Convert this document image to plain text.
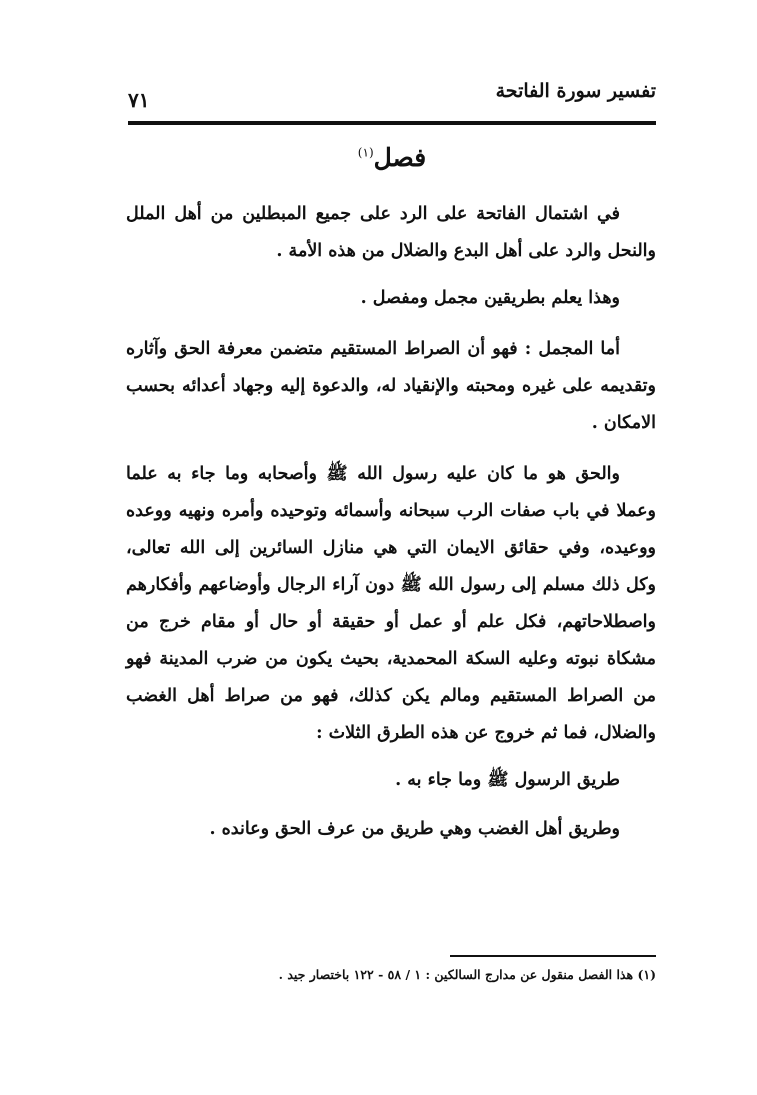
تفسير سورة الفاتحة
٧١
فصل$^{(١)}$

في اشتمال الفاتحة على الرد على جميع المبطلين من أهل الملل والنحل والرد على أهل البدع والضلال من هذه الأمة .

وهذا يعلم بطريقين مجمل ومفصل .

أما المجمل : فهو أن الصراط المستقيم متضمن معرفة الحق وآثاره وتقديمه على غيره ومحبته والإنقياد له، والدعوة إليه وجهاد أعدائه بحسب الامكان .

والحق هو ما كان عليه رسول الله ﷺ وأصحابه وما جاء به علما وعملا في باب صفات الرب سبحانه وأسمائه وتوحيده وأمره ونهيه ووعده ووعيده، وفي حقائق الايمان التي هي منازل السائرين إلى الله تعالى، وكل ذلك مسلم إلى رسول الله ﷺ دون آراء الرجال وأوضاعهم وأفكارهم واصطلاحاتهم، فكل علم أو عمل أو حقيقة أو حال أو مقام خرج من مشكاة نبوته وعليه السكة المحمدية، بحيث يكون من ضرب المدينة فهو من الصراط المستقيم ومالم يكن كذلك، فهو من صراط أهل الغضب والضلال، فما ثم خروج عن هذه الطرق الثلاث :

طريق الرسول ﷺ وما جاء به .

وطريق أهل الغضب وهي طريق من عرف الحق وعانده .

(١) هذا الفصل منقول عن مدارج السالكين : ١ / ٥٨ - ١٢٢ باختصار جيد .
